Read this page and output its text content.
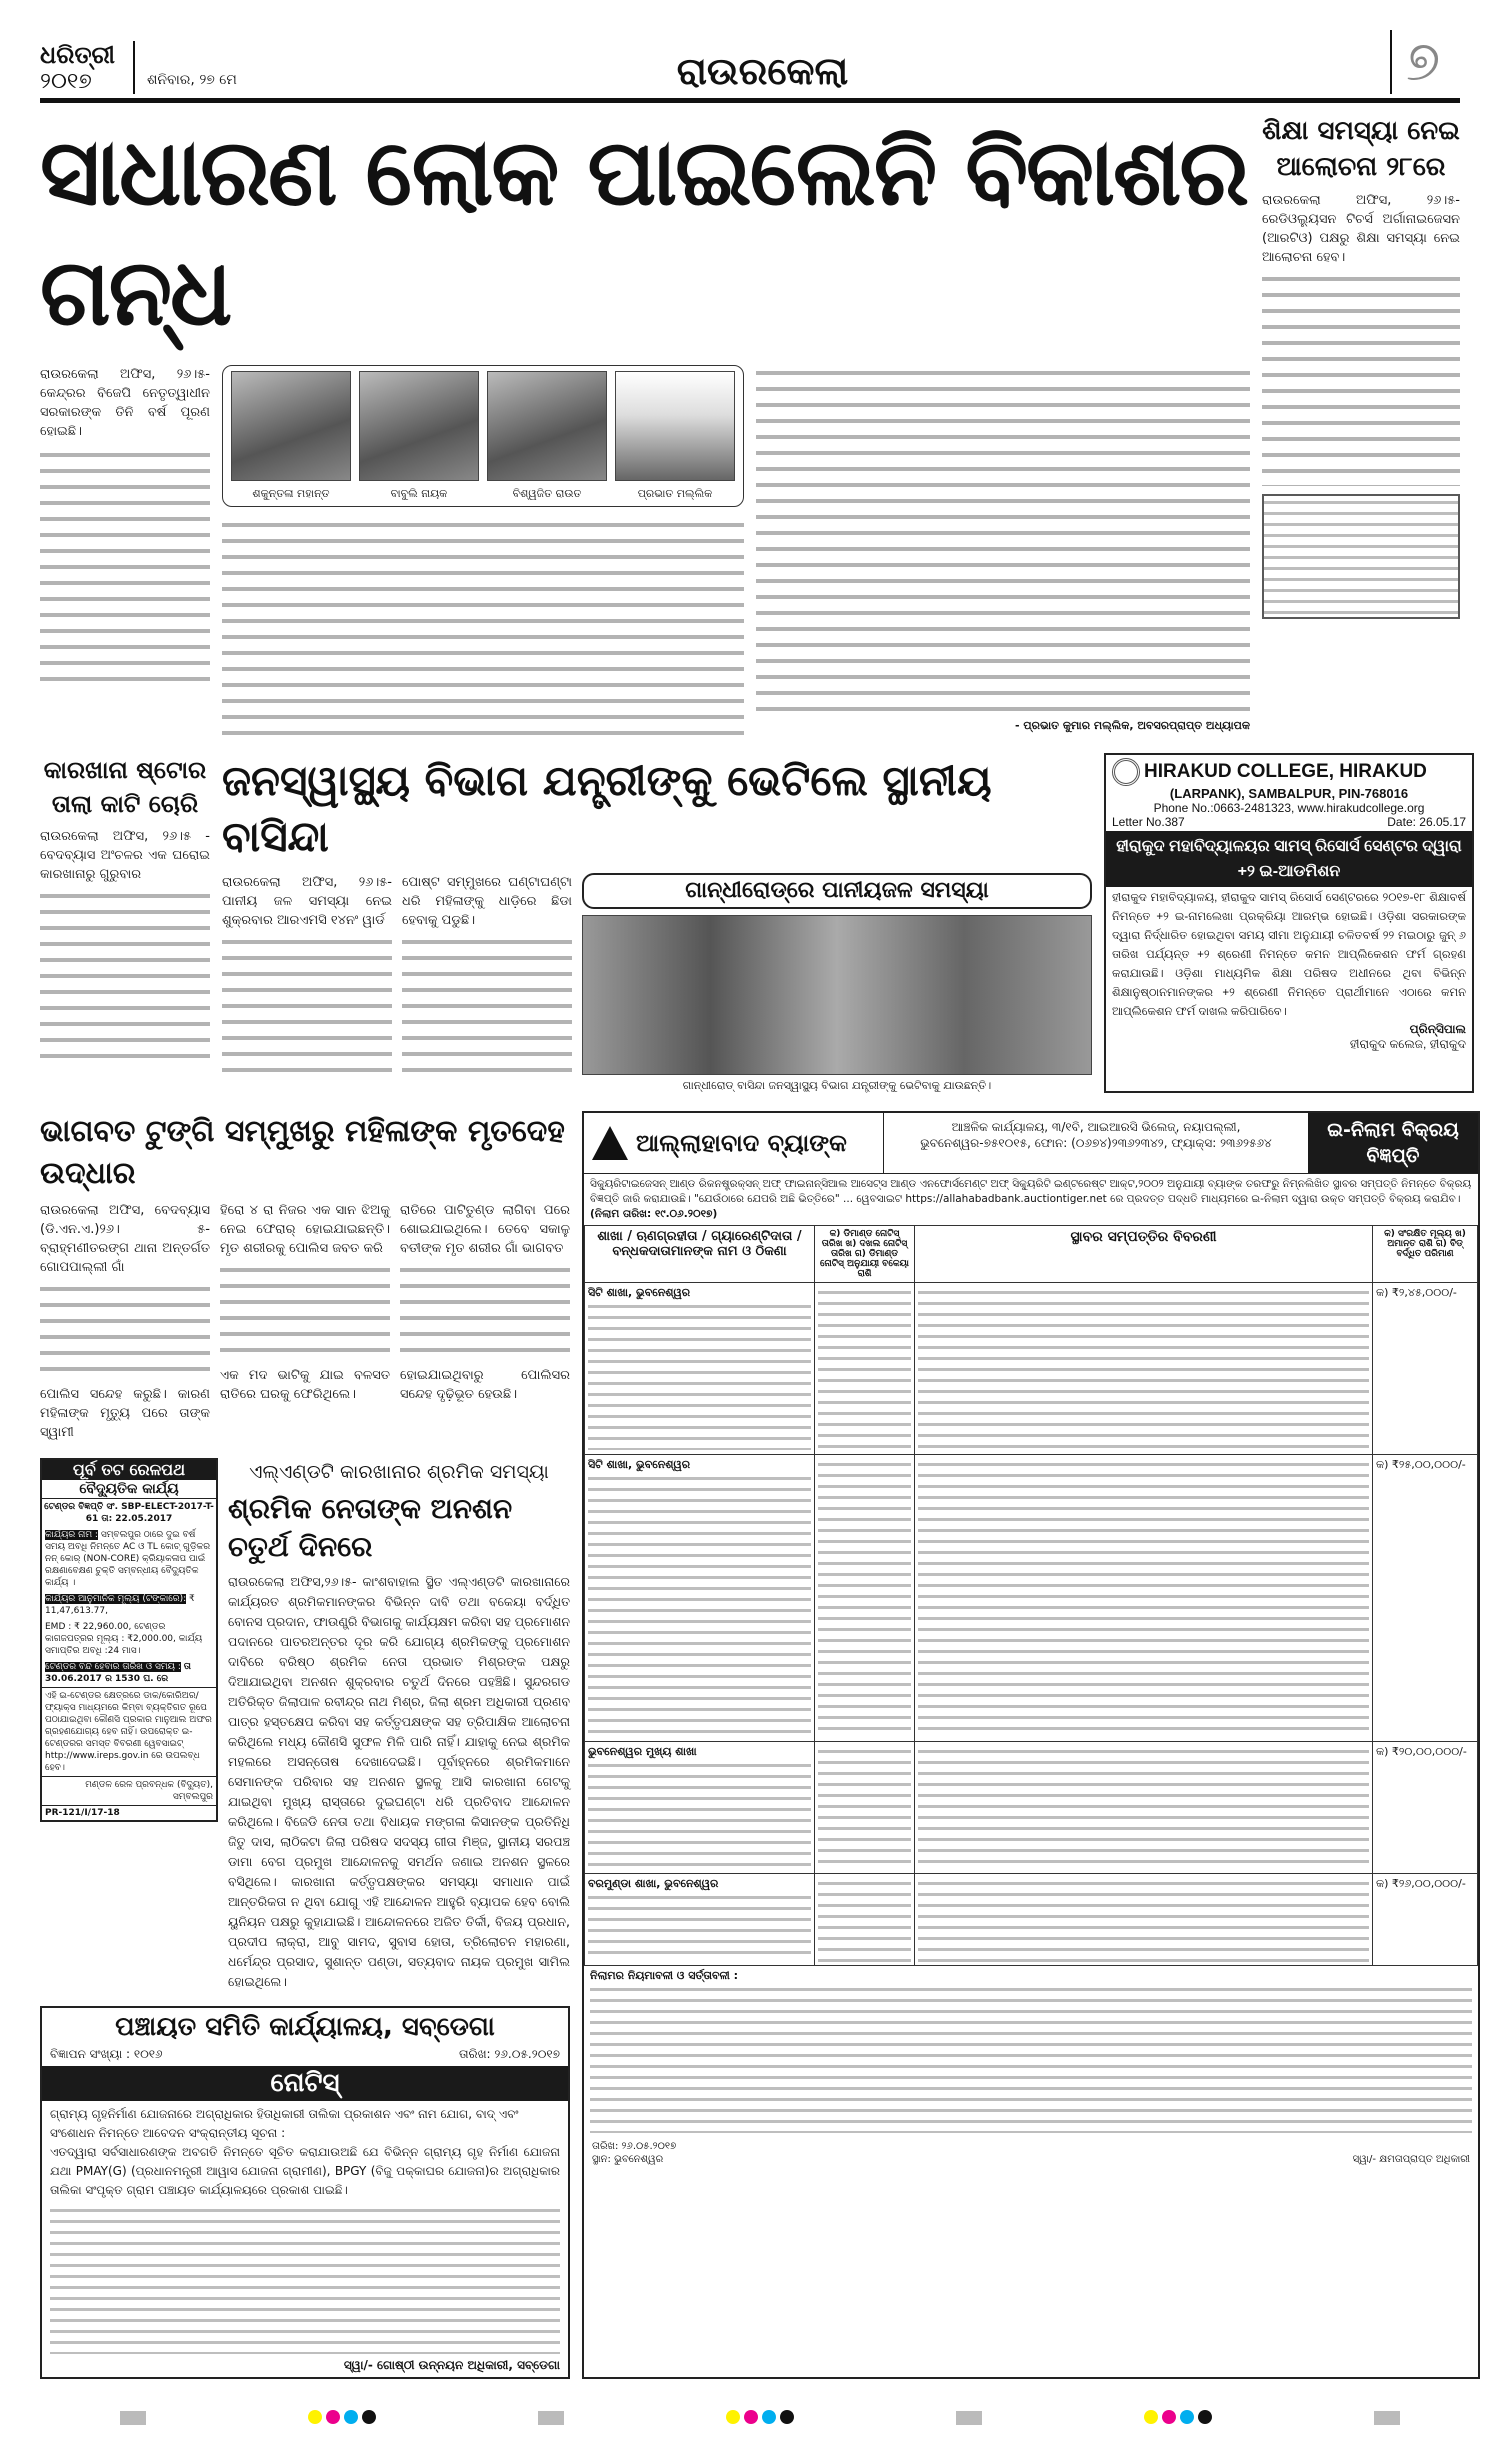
ଧରିତ୍ରୀ
୨୦୧୭	ଶନିବାର, ୨୭ ମେ	ରାଉରକେଲା	୭
ସାଧାରଣ ଲୋକ ପାଇଲେନି ବିକାଶର ଗନ୍ଧ
ରାଉରକେଲା ଅଫିସ, ୨୬।୫- କେନ୍ଦ୍ରର ବିଜେପି ନେତୃତ୍ୱାଧୀନ ସରକାରଙ୍କ ତିନି ବର୍ଷ ପୂରଣ ହୋଇଛି।
ଶକୁନ୍ତଳା ମହାନ୍ତ	ବାବୁଲି ନାୟକ	ବିଶ୍ୱଜିତ ରାଉତ	ପ୍ରଭାତ ମଲ୍ଲିକ
- ପ୍ରଭାତ କୁମାର ମଲ୍ଲିକ, ଅବସରପ୍ରାପ୍ତ ଅଧ୍ୟାପକ
ଶିକ୍ଷା ସମସ୍ୟା ନେଇ ଆଲୋଚନା ୨୮ରେ
ରାଉରକେଲା ଅଫିସ, ୨୬।୫- ରେଡିଓଲ୍ୟୁସନ ଟିଚର୍ସ ଅର୍ଗାନାଇଜେସନ (ଆରଟିଓ) ପକ୍ଷରୁ ଶିକ୍ଷା ସମସ୍ୟା ନେଇ ଆଲୋଚନା ହେବ।
କାରଖାନା ଷ୍ଟୋର ତାଲା କାଟି ଚୋରି
ରାଉରକେଲା ଅଫିସ, ୨୬।୫ - ବେଦବ୍ୟାସ ଅଂଚଳର ଏକ ଘରୋଇ କାରଖାନାରୁ ଗୁରୁବାର
ଜନସ୍ୱାସ୍ଥ୍ୟ ବିଭାଗ ଯନ୍ତ୍ରୀଙ୍କୁ ଭେଟିଲେ ସ୍ଥାନୀୟ ବାସିନ୍ଦା
ରାଉରକେଲା ଅଫିସ, ୨୬।୫-ପାନୀୟ ଜଳ ସମସ୍ୟା ନେଇ ଶୁକ୍ରବାର ଆରଏମସି ୧୪ନଂ ୱାର୍ଡ
ପୋଷ୍ଟ ସମ୍ମୁଖରେ ଘଣ୍ଟାଘଣ୍ଟା ଧରି ମହିଳାଙ୍କୁ ଧାଡ଼ିରେ ଛିଡା ହେବାକୁ ପଡୁଛି।
ଗାନ୍ଧୀରୋଡ୍‌ରେ ପାନୀୟଜଳ ସମସ୍ୟା
ଗାନ୍ଧୀରୋଡ୍ ବାସିନ୍ଦା ଜନସ୍ୱାସ୍ଥ୍ୟ ବିଭାଗ ଯନ୍ତ୍ରୀଙ୍କୁ ଭେଟିବାକୁ ଯାଉଛନ୍ତି।
HIRAKUD COLLEGE, HIRAKUD
(LARPANK), SAMBALPUR, PIN-768016
Phone No.:0663-2481323, www.hirakudcollege.org
Letter No.387	Date: 26.05.17
ହୀରାକୁଦ ମହାବିଦ୍ୟାଳୟର ସାମସ୍ ରିସୋର୍ସ ସେଣ୍ଟର ଦ୍ୱାରା +୨ ଇ-ଆଡମିଶନ
ହୀରାକୁଦ ମହାବିଦ୍ୟାଳୟ, ହୀରାକୁଦ ସାମସ୍ ରିସୋର୍ସ ସେଣ୍ଟରରେ ୨୦୧୭-୧୮ ଶିକ୍ଷାବର୍ଷ ନିମନ୍ତେ +୨ ଇ-ନାମଲେଖା ପ୍ରକ୍ରିୟା ଆରମ୍ଭ ହୋଇଛି। ଓଡ଼ିଶା ସରକାରଙ୍କ ଦ୍ୱାରା ନିର୍ଦ୍ଧାରିତ ହୋଇଥିବା ସମୟ ସୀମା ଅନୁଯାୟୀ ଚଳିତବର୍ଷ ୨୨ ମଇଠାରୁ ଜୁନ୍ ୬ ତାରିଖ ପର୍ଯ୍ୟନ୍ତ +୨ ଶ୍ରେଣୀ ନିମନ୍ତେ କମନ ଆପ୍ଲିକେଶନ ଫର୍ମ ଗ୍ରହଣ କରାଯାଉଛି। ଓଡ଼ିଶା ମାଧ୍ୟମିକ ଶିକ୍ଷା ପରିଷଦ ଅଧୀନରେ ଥିବା ବିଭିନ୍ନ ଶିକ୍ଷାନୁଷ୍ଠାନମାନଙ୍କର +୨ ଶ୍ରେଣୀ ନିମନ୍ତେ ପ୍ରାର୍ଥୀମାନେ ଏଠାରେ କମନ ଆପ୍ଲିକେଶନ ଫର୍ମ ଦାଖଲ କରିପାରିବେ।
ପ୍ରିନ୍ସିପାଲ
ହୀରାକୁଦ କଲେଜ, ହୀରାକୁଦ
ଭାଗବତ ଟୁଙ୍ଗି ସମ୍ମୁଖରୁ ମହିଳାଙ୍କ ମୃତଦେହ ଉଦ୍ଧାର
ରାଉରକେଲା ଅଫିସ, ବେଦବ୍ୟାସ (ଡି.ଏନ.ଏ.)୨୬। ୫-ବ୍ରାହ୍ମଣୀତରଙ୍ଗ ଥାନା ଅନ୍ତର୍ଗତ ଗୋପପାଲ୍ଲୀ ଗାଁ
ପୋଲିସ ସନ୍ଦେହ କରୁଛି। କାରଣ ମହିଳାଙ୍କ ମୃତ୍ୟୁ ପରେ ତାଙ୍କ ସ୍ୱାମୀ
ହିରୋ ୪ ରା ନିଜର ଏକ ସାନ ଝିଅକୁ ନେଇ ଫେରାର୍ ହୋଇଯାଇଛନ୍ତି। ମୃତ ଶରୀରକୁ ପୋଲିସ ଜବତ କରି
ଏକ ମଦ ଭାଟିକୁ ଯାଇ ବଳସତ ରାତିରେ ଘରକୁ ଫେରିଥିଲେ।
ରାତିରେ ପାଟିତୁଣ୍ଡ ଲାଗିବା ପରେ ଶୋଇଯାଇଥିଲେ। ତେବେ ସକାଳୁ ବତୀଙ୍କ ମୃତ ଶରୀର ଗାଁ ଭାଗବତ
ହୋଇଯାଇଥିବାରୁ ପୋଲିସର ସନ୍ଦେହ ଦୃଢ଼ିଭୂତ ହେଉଛି।
ପୂର୍ବ ତଟ ରେଳପଥ
ବୈଦ୍ୟୁତିକ କାର୍ଯ୍ୟ
ଟେଣ୍ଡର ବିଜ୍ଞପ୍ତି ସଂ. SBP-ELECT-2017-T-61 ତା: 22.05.2017
କାର୍ଯ୍ୟର ନାମ : ସମ୍ବଲପୁର ଠାରେ ଦୁଇ ବର୍ଷ ସମୟ ଅବଧି ନିମନ୍ତେ AC ଓ TL କୋଚ୍ ଗୁଡ଼ିକର ନନ୍ କୋର୍ (NON-CORE) କ୍ରିୟାକଳାପ ପାଇଁ ରକ୍ଷଣାବେକ୍ଷଣ ଚୁକ୍ତି ସମ୍ବନ୍ଧୀୟ ବୈଦ୍ୟୁତିକ କାର୍ଯ୍ୟ ।
କାର୍ଯ୍ୟର ଆନୁମାନିକ ମୂଲ୍ୟ (ଟଙ୍କାରେ): ₹ 11,47,613.77,
EMD : ₹ 22,960.00, ଟେଣ୍ଡର କାଗଜପତ୍ରର ମୂଲ୍ୟ : ₹2,000.00, କାର୍ଯ୍ୟ ସମାପ୍ତିର ଅବଧି :24 ମାସ।
ଟେଣ୍ଡର ବନ୍ଦ ହେବାର ତାରିଖ ଓ ସମୟ : ତା 30.06.2017 ର 1530 ଘ. ରେ
ଏହି ଇ-ଟେଣ୍ଡର କ୍ଷେତ୍ରରେ ଡାକ/କୋରିଅର/ଫ୍ୟାକ୍ସ ମାଧ୍ୟମରେ କିମ୍ବା ବ୍ୟକ୍ତିଗତ ରୂପେ ପଠାଯାଇଥିବା କୌଣସି ପ୍ରକାର ମାନୁଆଲ ଅଫର ଗ୍ରହଣଯୋଗ୍ୟ ହେବ ନାହିଁ। ଉପରୋକ୍ତ ଇ-ଟେଣ୍ଡରର ସମସ୍ତ ବିବରଣୀ ୱେବସାଇଟ୍ http://www.ireps.gov.in ରେ ଉପଲବ୍ଧ ହେବ।
ମଣ୍ଡଳ ରେଳ ପ୍ରବନ୍ଧକ (ବିଦ୍ୟୁତ), ସମ୍ବଲପୁର
PR-121/I/17-18
ଏଲ୍‌ଏଣ୍ଡଟି କାରଖାନାର ଶ୍ରମିକ ସମସ୍ୟା
ଶ୍ରମିକ ନେତାଙ୍କ ଅନଶନ ଚତୁର୍ଥ ଦିନରେ
ରାଉରକେଲା ଅଫିସ,୨୬।୫- କାଂଶବାହାଲ ସ୍ଥିତ ଏଲ୍‌ଏଣ୍ଡଟି କାରଖାନାରେ କାର୍ଯ୍ୟରତ ଶ୍ରମିକମାନଙ୍କର ବିଭିନ୍ନ ଦାବି ତଥା ବକେୟା ବର୍ଦ୍ଧିତ ବୋନସ ପ୍ରଦାନ, ଫାଉଣ୍ଡ୍ରି ବିଭାଗକୁ କାର୍ଯ୍ୟକ୍ଷମ କରିବା ସହ ପ୍ରମୋଶନ ପଦାନରେ ପାତରଅନ୍ତର ଦୂର କରି ଯୋଗ୍ୟ ଶ୍ରମିକଙ୍କୁ ପ୍ରମୋଶନ ଦାବିରେ ବରିଷ୍ଠ ଶ୍ରମିକ ନେତା ପ୍ରଭାତ ମିଶ୍ରଙ୍କ ପକ୍ଷରୁ ଦିଆଯାଇଥିବା ଅନଶନ ଶୁକ୍ରବାର ଚତୁର୍ଥ ଦିନରେ ପହଞ୍ଚିଛି। ସୁନ୍ଦରଗଡ ଅତିରିକ୍ତ ଜିଲାପାଳ ରବୀନ୍ଦ୍ର ନାଥ ମିଶ୍ର, ଜିଲା ଶ୍ରମ ଅଧିକାରୀ ପ୍ରଣବ ପାତ୍ର ହସ୍ତକ୍ଷେପ କରିବା ସହ କର୍ତ୍ତୃପକ୍ଷଙ୍କ ସହ ତ୍ରିପାକ୍ଷିକ ଆଲୋଚନା କରିଥିଲେ ମଧ୍ୟ କୌଣସି ସୁଫଳ ମିଳି ପାରି ନାହିଁ। ଯାହାକୁ ନେଇ ଶ୍ରମିକ ମହଲରେ ଅସନ୍ତୋଷ ଦେଖାଦେଇଛି। ପୂର୍ବାହ୍ନରେ ଶ୍ରମିକମାନେ ସେମାନଙ୍କ ପରିବାର ସହ ଅନଶନ ସ୍ଥଳକୁ ଆସି କାରଖାନା ଗେଟକୁ ଯାଇଥିବା ମୁଖ୍ୟ ରାସ୍ତାରେ ଦୁଇଘଣ୍ଟା ଧରି ପ୍ରତିବାଦ ଆନ୍ଦୋଳନ କରିଥିଲେ। ବିଜେଡି ନେତା ତଥା ବିଧାୟକ ମଙ୍ଗଳା କିସାନଙ୍କ ପ୍ରତିନିଧି ଜିତୁ ଦାସ, ଲାଠିକଟା ଜିଲା ପରିଷଦ ସଦସ୍ୟ ଗୀତା ମିଞ୍ଜ, ସ୍ଥାନୀୟ ସରପଞ୍ଚ ଡାମା ବେଗ ପ୍ରମୁଖ ଆନ୍ଦୋଳନକୁ ସମର୍ଥନ ଜଣାଇ ଅନଶନ ସ୍ଥଳରେ ବସିଥିଲେ। କାରଖାନା କର୍ତ୍ତୃପକ୍ଷଙ୍କର ସମସ୍ୟା ସମାଧାନ ପାଇଁ ଆନ୍ତରିକତା ନ ଥିବା ଯୋଗୁ ଏହି ଆନ୍ଦୋଳନ ଆହୁରି ବ୍ୟାପକ ହେବ ବୋଲି ୟୁନିୟନ ପକ୍ଷରୁ କୁହାଯାଇଛି। ଆନ୍ଦୋଳନରେ ଅଜିତ ତିର୍କୀ, ବିଜୟ ପ୍ରଧାନ, ପ୍ରଦୀପ ଲାକ୍ରା, ଆବୁ ସାମଦ, ସୁବାସ ହୋତା, ତ୍ରିଲୋଚନ ମହାରଣା, ଧର୍ମେନ୍ଦ୍ର ପ୍ରସାଦ, ସୁଶାନ୍ତ ପଣ୍ଡା, ସତ୍ୟବାଦ ନାୟକ ପ୍ରମୁଖ ସାମିଲ ହୋଇଥିଲେ।
ପଞ୍ଚାୟତ ସମିତି କାର୍ଯ୍ୟାଳୟ, ସବ୍‌ଡେଗା
ବିଜ୍ଞାପନ ସଂଖ୍ୟା : ୧୦୧୬	ତାରିଖ: ୨୬.୦୫.୨୦୧୭
ନୋଟିସ୍
ଗ୍ରାମ୍ୟ ଗୃହନିର୍ମାଣ ଯୋଜନାରେ ଅଗ୍ରାଧିକାର ହିତାଧିକାରୀ ତାଲିକା ପ୍ରକାଶନ ଏବଂ ନାମ ଯୋଗ, ବାଦ୍ ଏବଂ ସଂଶୋଧନ ନିମନ୍ତେ ଆବେଦନ ସଂକ୍ରାନ୍ତୀୟ ସୂଚନା :
ଏତଦ୍ୱାରା ସର୍ବସାଧାରଣଙ୍କ ଅବଗତି ନିମନ୍ତେ ସୂଚିତ କରାଯାଉଅଛି ଯେ ବିଭିନ୍ନ ଗ୍ରାମ୍ୟ ଗୃହ ନିର୍ମାଣ ଯୋଜନା ଯଥା PMAY(G) (ପ୍ରଧାନମନ୍ତ୍ରୀ ଆୱାସ ଯୋଜନା ଗ୍ରାମୀଣ), BPGY (ବିଜୁ ପକ୍କାଘର ଯୋଜନା)ର ଅଗ୍ରାଧିକାର ତାଲିକା ସଂପୃକ୍ତ ଗ୍ରାମ ପଞ୍ଚାୟତ କାର୍ଯ୍ୟାଳୟରେ ପ୍ରକାଶ ପାଇଛି।
ସ୍ୱା/- ଗୋଷ୍ଠୀ ଉନ୍ନୟନ ଅଧିକାରୀ, ସବ୍‌ଡେଗା
ଆଲ୍ଲାହାବାଦ ବ୍ୟାଙ୍କ
ଆଞ୍ଚଳିକ କାର୍ଯ୍ୟାଳୟ, ୩/୧ବି, ଆଇଆରସି ଭିଲେଜ୍, ନୟାପଲ୍ଲୀ, ଭୁବନେଶ୍ୱର-୭୫୧୦୧୫, ଫୋନ: (୦୬୭୪)୨୩୬୨୩୪୨, ଫ୍ୟାକ୍ସ: ୨୩୬୨୫୬୪
ଇ-ନିଲାମ ବିକ୍ରୟ ବିଜ୍ଞପ୍ତି
ସିକ୍ୟୁରିଟାଇଜେସନ୍ ଆଣ୍ଡ ରିକନଷ୍ଟ୍ରକ୍ସନ୍ ଅଫ୍ ଫାଇନାନ୍ସିଆଲ ଆସେଟ୍ସ ଆଣ୍ଡ ଏନଫୋର୍ସମେଣ୍ଟ ଅଫ୍ ସିକ୍ୟୁରିଟି ଇଣ୍ଟରେଷ୍ଟ ଆକ୍ଟ,୨୦୦୨ ଅନୁଯାୟୀ ବ୍ୟାଙ୍କ ତରଫରୁ ନିମ୍ନଲିଖିତ ସ୍ଥାବର ସମ୍ପତ୍ତି ନିମନ୍ତେ ବିକ୍ରୟ ବିଜ୍ଞପ୍ତି ଜାରି କରାଯାଉଛି। "ଯେଉଁଠାରେ ଯେପରି ଅଛି ଭିତ୍ତିରେ" ... ୱେବସାଇଟ https://allahabadbank.auctiontiger.net ରେ ପ୍ରଦତ୍ତ ପଦ୍ଧତି ମାଧ୍ୟମରେ ଇ-ନିଲାମ ଦ୍ୱାରା ଉକ୍ତ ସମ୍ପତ୍ତି ବିକ୍ରୟ କରାଯିବ। (ନିଲାମ ତାରିଖ: ୧୯.୦୬.୨୦୧୭)
ଶାଖା / ଋଣଗ୍ରହୀତା / ଗ୍ୟାରେଣ୍ଟିଦାତା / ବନ୍ଧକଦାତାମାନଙ୍କ ନାମ ଓ ଠିକଣା	କ) ଡିମାଣ୍ଡ ନୋଟିସ୍ ତାରିଖ ଖ) ଦଖଲ ନୋଟିସ୍ ତାରିଖ ଗ) ଡିମାଣ୍ଡ ନୋଟିସ୍ ଅନୁଯାୟୀ ବକେୟା ରାଶି	ସ୍ଥାବର ସମ୍ପତ୍ତିର ବିବରଣୀ	କ) ସଂରକ୍ଷିତ ମୂଲ୍ୟ ଖ) ଅମାନତ ରାଶି ଗ) ବିଡ୍ ବର୍ଦ୍ଧିତ ପରିମାଣ
ସିଟି ଶାଖା, ଭୁବନେଶ୍ୱର			କ) ₹୨,୪୫,୦୦୦/-
ସିଟି ଶାଖା, ଭୁବନେଶ୍ୱର			କ) ₹୨୫,୦୦,୦୦୦/-
ଭୁବନେଶ୍ୱର ମୁଖ୍ୟ ଶାଖା			କ) ₹୨୦,୦୦,୦୦୦/-
ବରମୁଣ୍ଡା ଶାଖା, ଭୁବନେଶ୍ୱର			କ) ₹୨୬,୦୦,୦୦୦/-
ନିଲାମର ନିୟମାବଳୀ ଓ ସର୍ତ୍ତାବଳୀ :
ତାରିଖ: ୨୬.୦୫.୨୦୧୭
ସ୍ଥାନ: ଭୁବନେଶ୍ୱର	ସ୍ୱା/- କ୍ଷମତାପ୍ରାପ୍ତ ଅଧିକାରୀ
